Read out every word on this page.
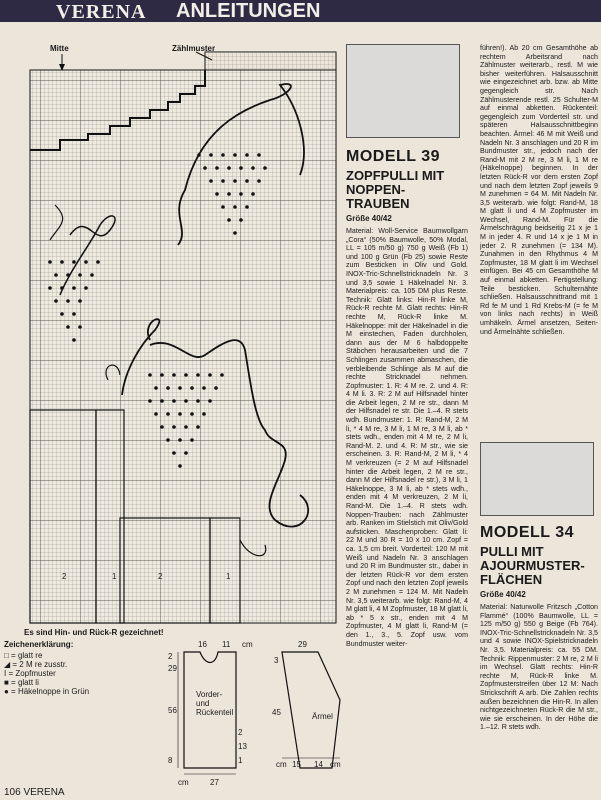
VERENA ANLEITUNGEN
Mitte	Zählmuster
2	1	2	1
Es sind Hin- und Rück-R gezeichnet!
Zeichenerklärung:
□ = glatt re
◢ = 2 M re zusstr.
I = Zopfmuster
■ = glatt li
● = Häkelnoppe in Grün
16 11 cm	29
2
29
56
8
Vorder- und Rückenteil
cm	27
cm 15 14 cm
Ärmel
3
45
2
13
1
106 VERENA
MODELL 39
ZOPFPULLI MIT NOPPEN-TRAUBEN
Größe 40/42
Material: Woll-Service Baumwollgarn „Cora“ (50% Baumwolle, 50% Modal, LL = 105 m/50 g) 750 g Weiß (Fb 1) und 100 g Grün (Fb 25) sowie Reste zum Besticken in Oliv und Gold. INOX-Tric-Schnellstricknadeln Nr. 3 und 3,5 sowie 1 Häkelnadel Nr. 3. Materialpreis: ca. 105 DM plus Reste. Technik: Glatt links: Hin-R linke M, Rück-R rechte M. Glatt rechts: Hin-R rechte M, Rück-R linke M. Häkelnoppe: mit der Häkelnadel in die M einstechen, Faden durchholen, dann aus der M 6 halbdoppelte Stäbchen herausarbeiten und die 7 Schlingen zusammen abmaschen, die verbleibende Schlinge als M auf die rechte Stricknadel nehmen. Zopfmuster: 1. R: 4 M re. 2. und 4. R: 4 M li. 3. R: 2 M auf Hilfsnadel hinter die Arbeit legen, 2 M re str., dann M der Hilfsnadel re str. Die 1.–4. R stets wdh. Bundmuster: 1. R: Rand-M, 2 M li, * 4 M re, 3 M li, 1 M re, 3 M li, ab * stets wdh., enden mit 4 M re, 2 M li, Rand-M. 2. und 4. R: M str., wie sie erscheinen. 3. R: Rand-M, 2 M li, * 4 M verkreuzen (= 2 M auf Hilfsnadel hinter die Arbeit legen, 2 M re str., dann M der Hilfsnadel re str.), 3 M li, 1 Häkelnoppe, 3 M li, ab * stets wdh., enden mit 4 M verkreuzen, 2 M li, Rand-M. Die 1.–4. R stets wdh. Noppen-Trauben: nach Zählmuster arb. Ranken im Stielstich mit Oliv/Gold aufsticken. Maschenproben: Glatt li: 22 M und 30 R = 10 x 10 cm. Zopf = ca. 1,5 cm breit. Vorderteil: 120 M mit Weiß und Nadeln Nr. 3 anschlagen und 20 R im Bundmuster str., dabei in der letzten Rück-R vor dem ersten Zopf und nach den letzten Zopf jeweils 2 M zunehmen = 124 M. Mit Nadeln Nr. 3,5 weiterarb. wie folgt: Rand-M, 4 M glatt li, 4 M Zopfmuster, 18 M glatt li, ab * 5 x str., enden mit 4 M Zopfmuster, 4 M glatt li, Rand-M (= den 1., 3., 5. Zopf usw. vom Bundmuster weiter-
führen!). Ab 20 cm Gesamthöhe ab rechtem Arbeitsrand nach Zählmuster weiterarb., restl. M wie bisher weiterführen. Halsausschnitt wie eingezeichnet arb. bzw. ab Mitte gegengleich str. Nach Zählmusterende restl. 25 Schulter-M auf einmal abketten. Rückenteil: gegengleich zum Vorderteil str. und späteren Halsausschnittbeginn beachten. Ärmel: 46 M mit Weiß und Nadeln Nr. 3 anschlagen und 20 R im Bundmuster str., jedoch nach der Rand-M mit 2 M re, 3 M li, 1 M re (Häkelnoppe) beginnen. In der letzten Rück-R vor dem ersten Zopf und nach dem letzten Zopf jeweils 9 M zunehmen = 64 M. Mit Nadeln Nr. 3,5 weiterarb. wie folgt: Rand-M, 18 M glatt li und 4 M Zopfmuster im Wechsel, Rand-M. Für die Ärmelschrägung beidseitig 21 x je 1 M in jeder 4. R und 14 x je 1 M in jeder 2. R zunehmen (= 134 M). Zunahmen in den Rhythmus 4 M Zopfmuster, 18 M glatt li im Wechsel einfügen. Bei 45 cm Gesamthöhe M auf einmal abketten. Fertigstellung: Teile besticken. Schulternähte schließen. Halsausschnittrand mit 1 Rd fe M und 1 Rd Krebs-M (= fe M von links nach rechts) in Weiß umhäkeln. Ärmel ansetzen, Seiten- und Ärmelnähte schließen.
MODELL 34
PULLI MIT AJOURMUSTER-FLÄCHEN
Größe 40/42
Material: Naturwolle Fritzsch „Cotton Flammé“ (100% Baumwolle, LL = 125 m/50 g) 550 g Beige (Fb 764). INOX-Tric-Schnellstricknadeln Nr. 3,5 und 4 sowie INOX-Spielstricknadeln Nr. 3,5. Materialpreis: ca. 55 DM. Technik: Rippenmuster: 2 M re, 2 M li im Wechsel. Glatt rechts: Hin-R rechte M, Rück-R linke M. Zopfmusterstreifen über 12 M: Nach Strickschrift A arb. Die Zahlen rechts außen bezeichnen die Hin-R. In allen nichtgezeichneten Rück-R die M str., wie sie erscheinen. In der Höhe die 1.–12. R stets wdh.
